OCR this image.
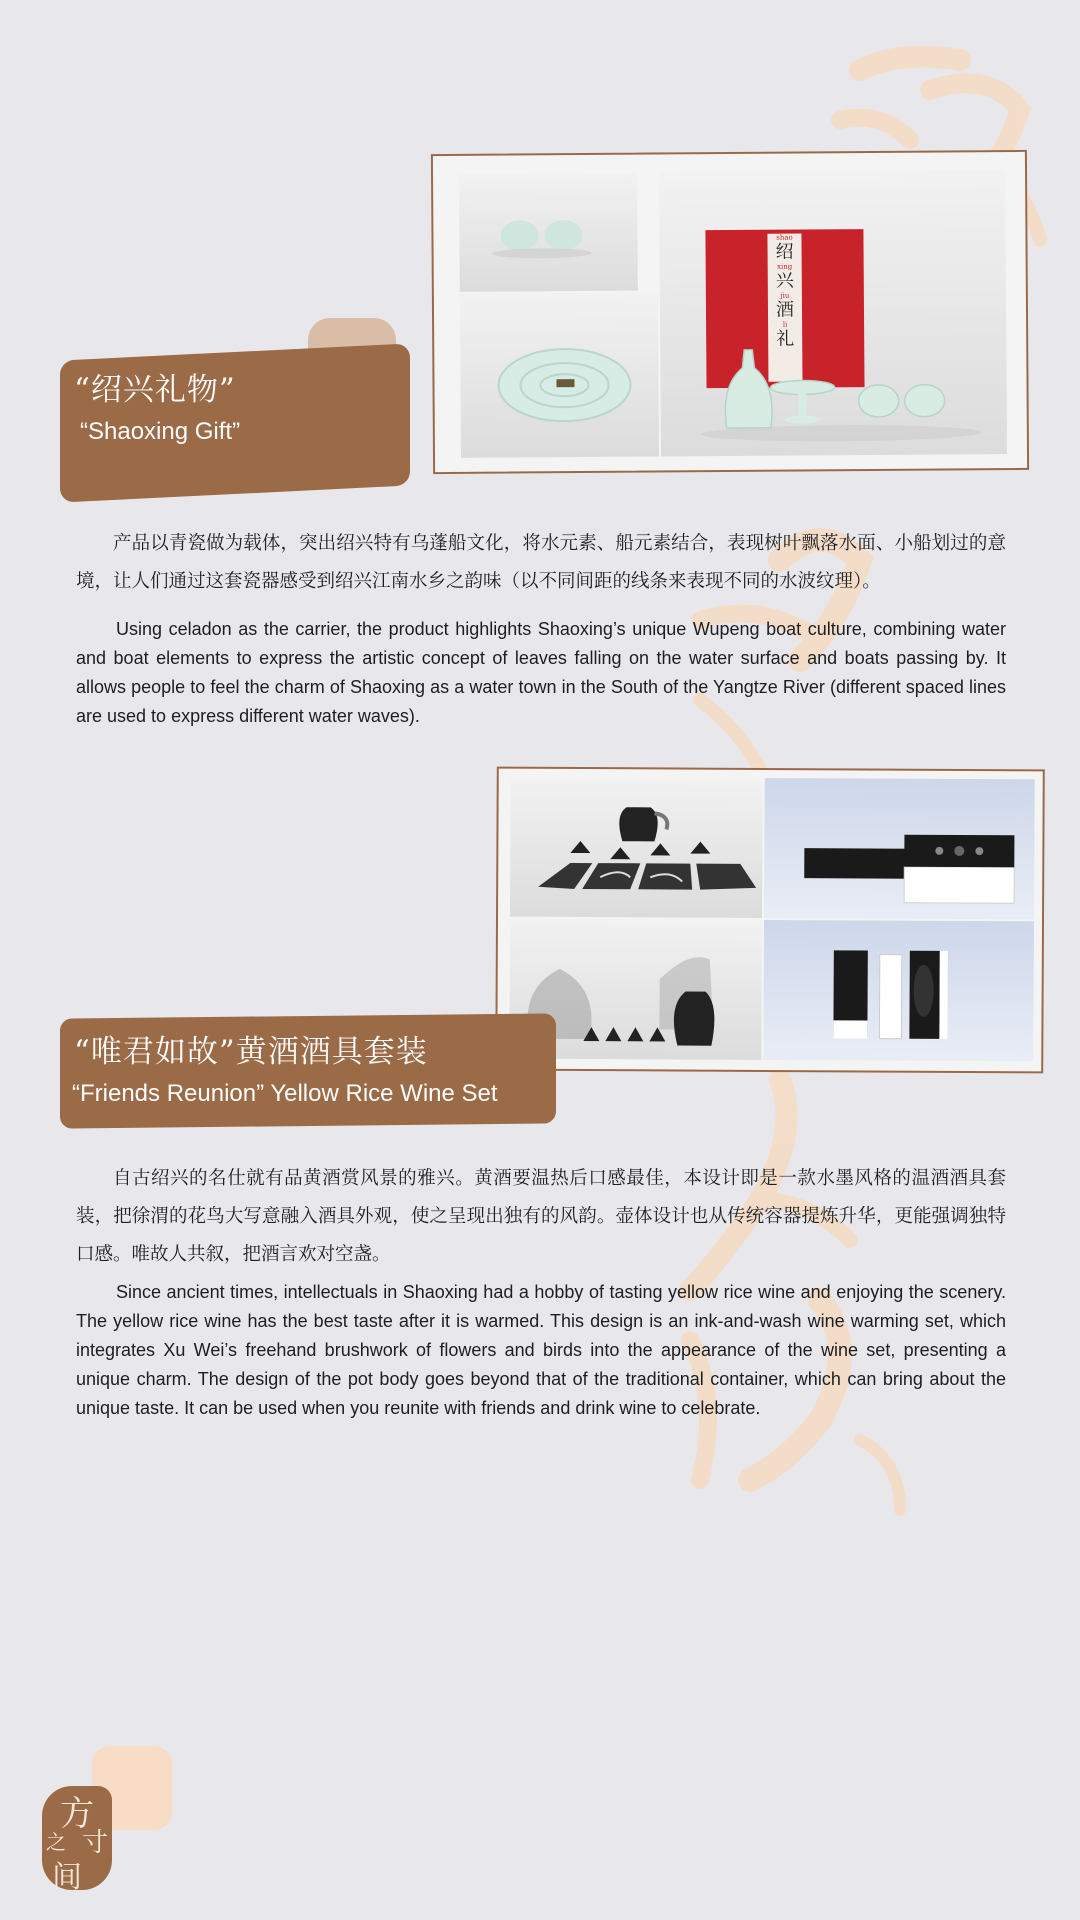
shao
绍
xing
兴
jiu
酒
li
礼
“绍兴礼物”
“Shaoxing Gift”

产品以青瓷做为载体，突出绍兴特有乌蓬船文化，将水元素、船元素结合，表现树叶飘落水面、小船划过的意境，让人们通过这套瓷器感受到绍兴江南水乡之韵味（以不同间距的线条来表现不同的水波纹理）。

Using celadon as the carrier, the product highlights Shaoxing’s unique Wupeng boat culture, combining water and boat elements to express the artistic concept of leaves falling on the water surface and boats passing by. It allows people to feel the charm of Shaoxing as a water town in the South of the Yangtze River (different spaced lines are used to express different water waves).

“唯君如故”黄酒酒具套装
“Friends Reunion” Yellow Rice Wine Set

自古绍兴的名仕就有品黄酒赏风景的雅兴。黄酒要温热后口感最佳，本设计即是一款水墨风格的温酒酒具套装，把徐渭的花鸟大写意融入酒具外观，使之呈现出独有的风韵。壶体设计也从传统容器提炼升华，更能强调独特口感。唯故人共叙，把酒言欢对空盏。

Since ancient times, intellectuals in Shaoxing had a hobby of tasting yellow rice wine and enjoying the scenery. The yellow rice wine has the best taste after it is warmed. This design is an ink-and-wash wine warming set, which integrates Xu Wei’s freehand brushwork of flowers and birds into the appearance of the wine set, presenting a unique charm. The design of the pot body goes beyond that of the traditional container, which can bring about the unique taste. It can be used when you reunite with friends and drink wine to celebrate.

方
寸
之
间
